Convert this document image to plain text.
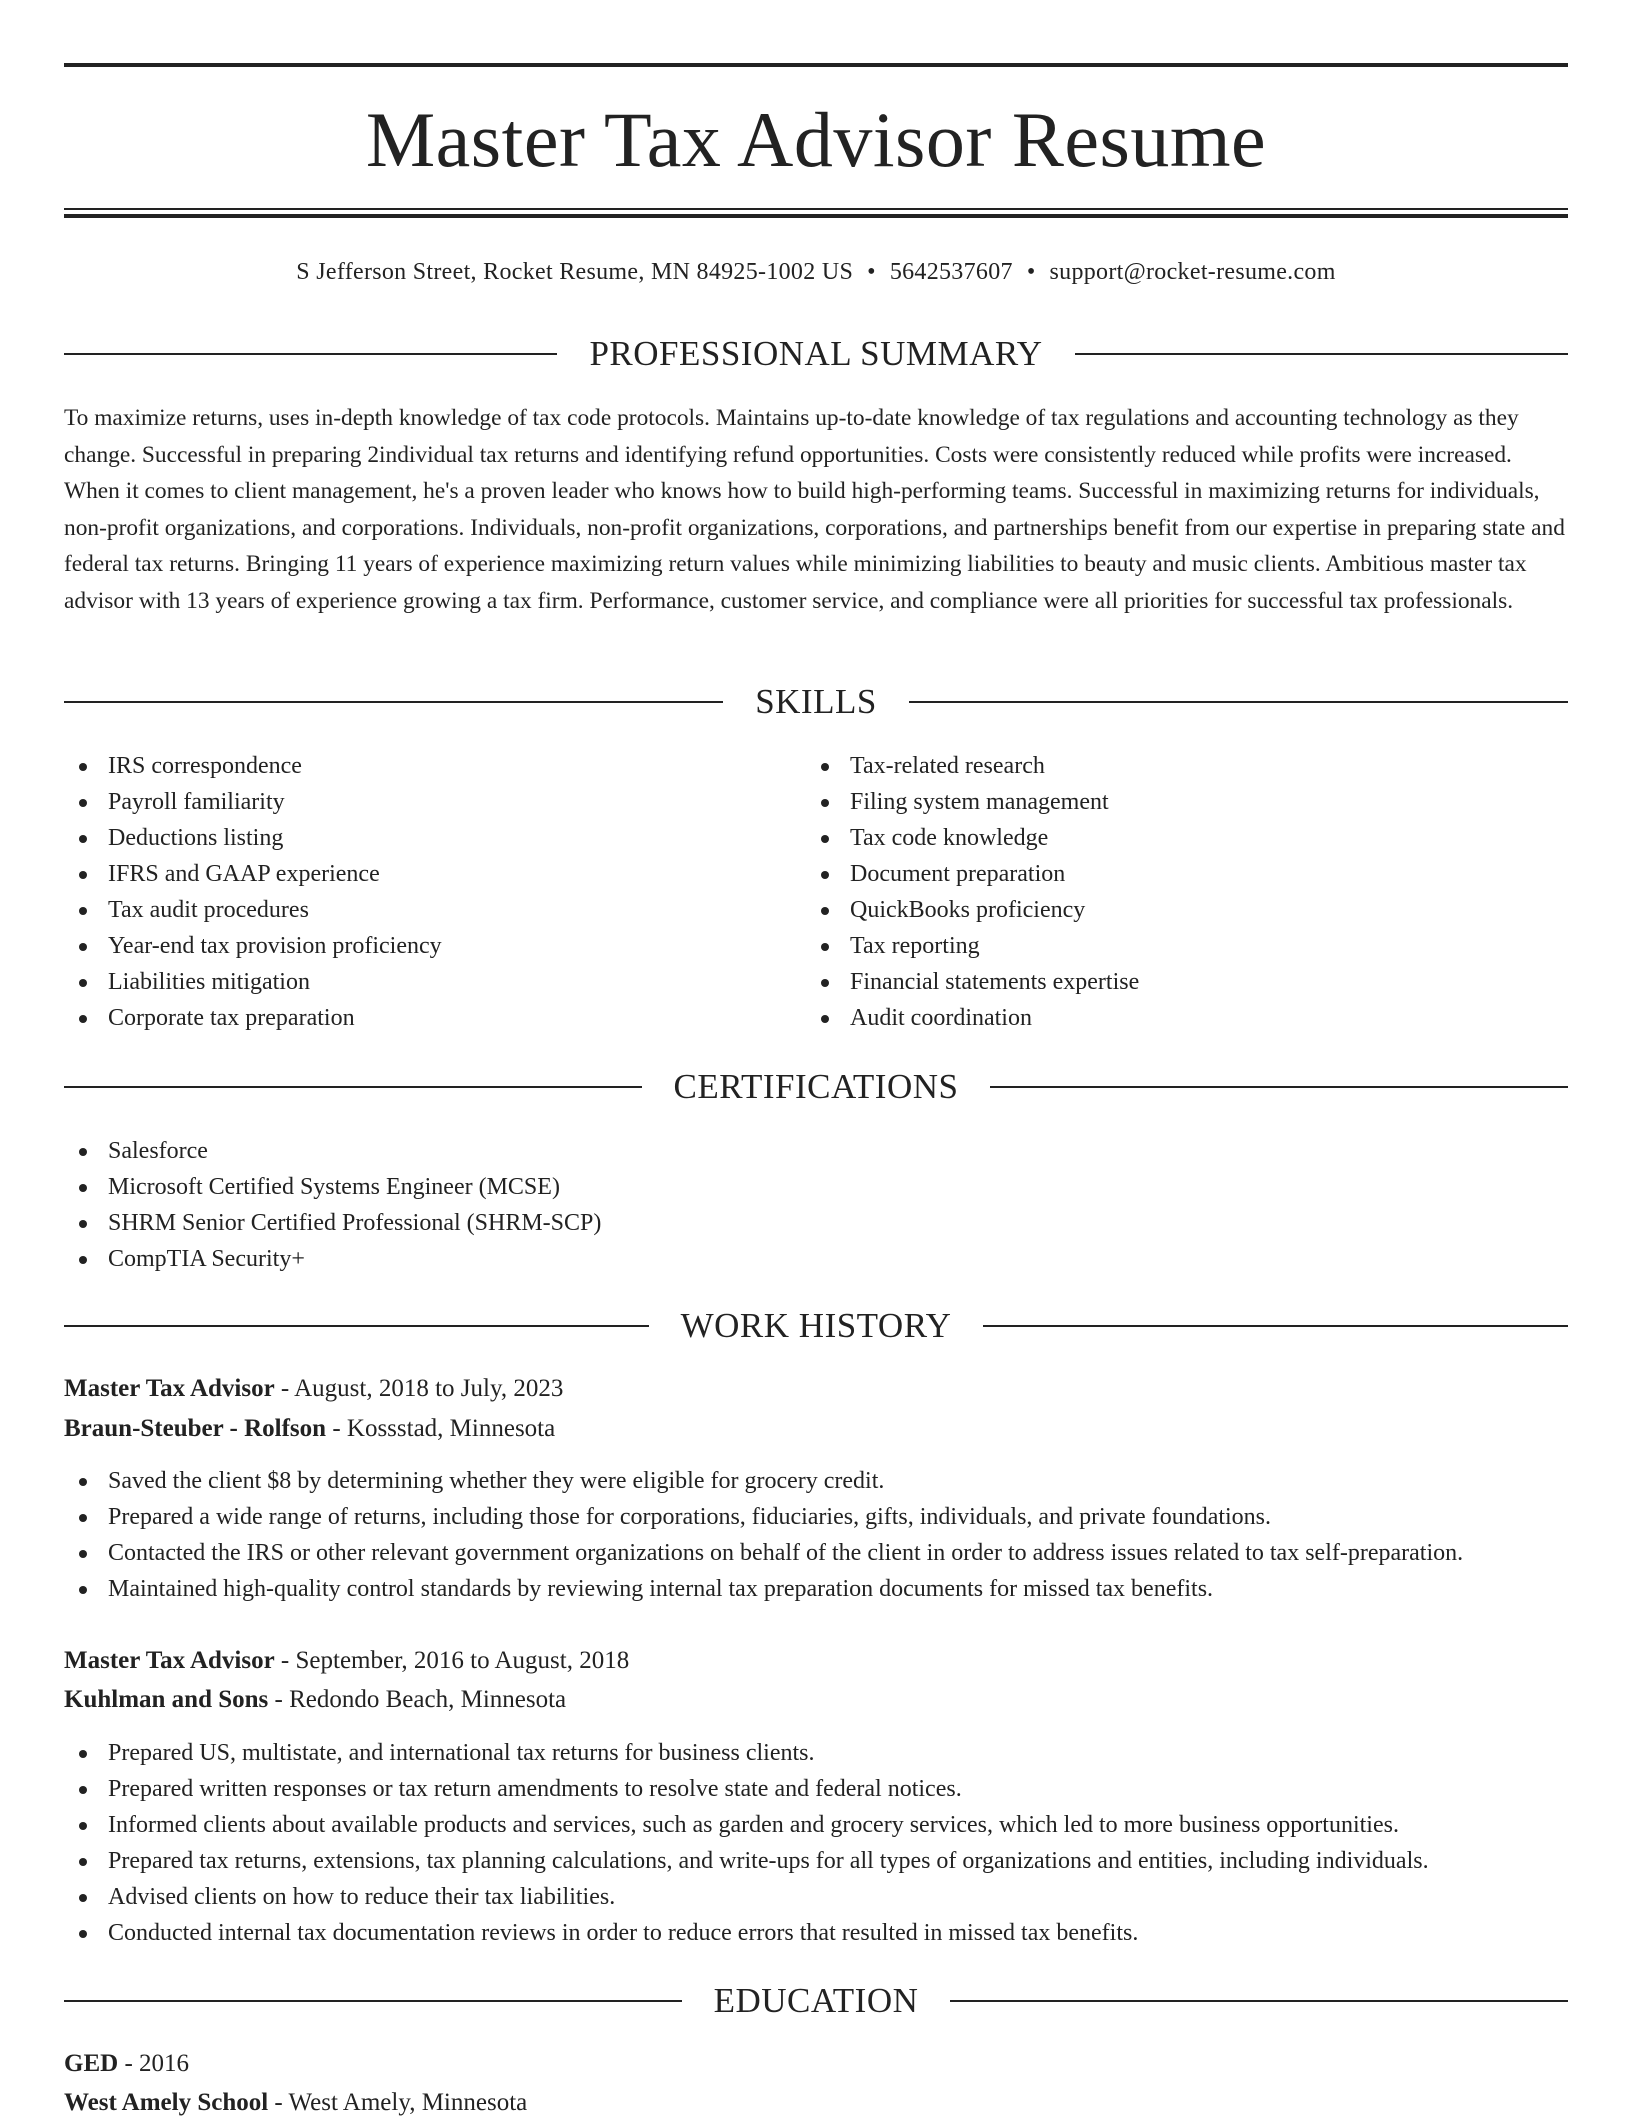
Master Tax Advisor Resume
S Jefferson Street, Rocket Resume, MN 84925-1002 US • 5642537607 • support@rocket-resume.com
PROFESSIONAL SUMMARY

To maximize returns, uses in-depth knowledge of tax code protocols. Maintains up-to-date knowledge of tax regulations and accounting technology as they change. Successful in preparing 2individual tax returns and identifying refund opportunities. Costs were consistently reduced while profits were increased. When it comes to client management, he's a proven leader who knows how to build high-performing teams. Successful in maximizing returns for individuals, non-profit organizations, and corporations. Individuals, non-profit organizations, corporations, and partnerships benefit from our expertise in preparing state and federal tax returns. Bringing 11 years of experience maximizing return values while minimizing liabilities to beauty and music clients. Ambitious master tax advisor with 13 years of experience growing a tax firm. Performance, customer service, and compliance were all priorities for successful tax professionals.

SKILLS
IRS correspondence
Payroll familiarity
Deductions listing
IFRS and GAAP experience
Tax audit procedures
Year-end tax provision proficiency
Liabilities mitigation
Corporate tax preparation
Tax-related research
Filing system management
Tax code knowledge
Document preparation
QuickBooks proficiency
Tax reporting
Financial statements expertise
Audit coordination
CERTIFICATIONS
Salesforce
Microsoft Certified Systems Engineer (MCSE)
SHRM Senior Certified Professional (SHRM-SCP)
CompTIA Security+
WORK HISTORY
Master Tax Advisor - August, 2018 to July, 2023
Braun-Steuber - Rolfson - Kossstad, Minnesota
Saved the client $8 by determining whether they were eligible for grocery credit.
Prepared a wide range of returns, including those for corporations, fiduciaries, gifts, individuals, and private foundations.
Contacted the IRS or other relevant government organizations on behalf of the client in order to address issues related to tax self-preparation.
Maintained high-quality control standards by reviewing internal tax preparation documents for missed tax benefits.
Master Tax Advisor - September, 2016 to August, 2018
Kuhlman and Sons - Redondo Beach, Minnesota
Prepared US, multistate, and international tax returns for business clients.
Prepared written responses or tax return amendments to resolve state and federal notices.
Informed clients about available products and services, such as garden and grocery services, which led to more business opportunities.
Prepared tax returns, extensions, tax planning calculations, and write-ups for all types of organizations and entities, including individuals.
Advised clients on how to reduce their tax liabilities.
Conducted internal tax documentation reviews in order to reduce errors that resulted in missed tax benefits.
EDUCATION
GED - 2016
West Amely School - West Amely, Minnesota
